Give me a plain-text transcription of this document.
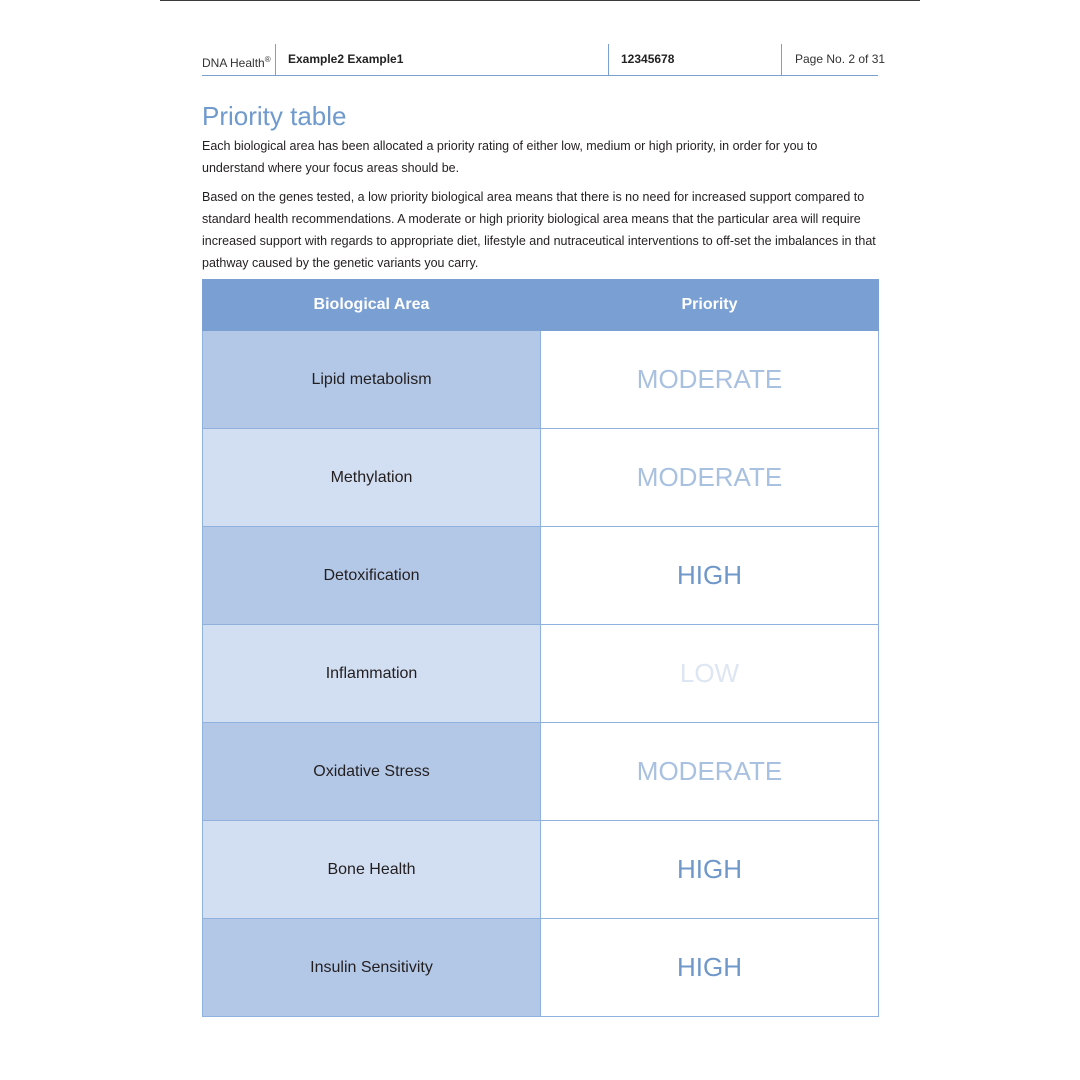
DNA Health® Example2 Example1	12345678	Page No. 2 of 31
Priority table

Each biological area has been allocated a priority rating of either low, medium or high priority, in order for you to understand where your focus areas should be.

Based on the genes tested, a low priority biological area means that there is no need for increased support compared to standard health recommendations. A moderate or high priority biological area means that the particular area will require increased support with regards to appropriate diet, lifestyle and nutraceutical interventions to off-set the imbalances in that pathway caused by the genetic variants you carry.

Biological Area	Priority
Lipid metabolism	MODERATE
Methylation	MODERATE
Detoxification	HIGH
Inflammation	LOW
Oxidative Stress	MODERATE
Bone Health	HIGH
Insulin Sensitivity	HIGH
